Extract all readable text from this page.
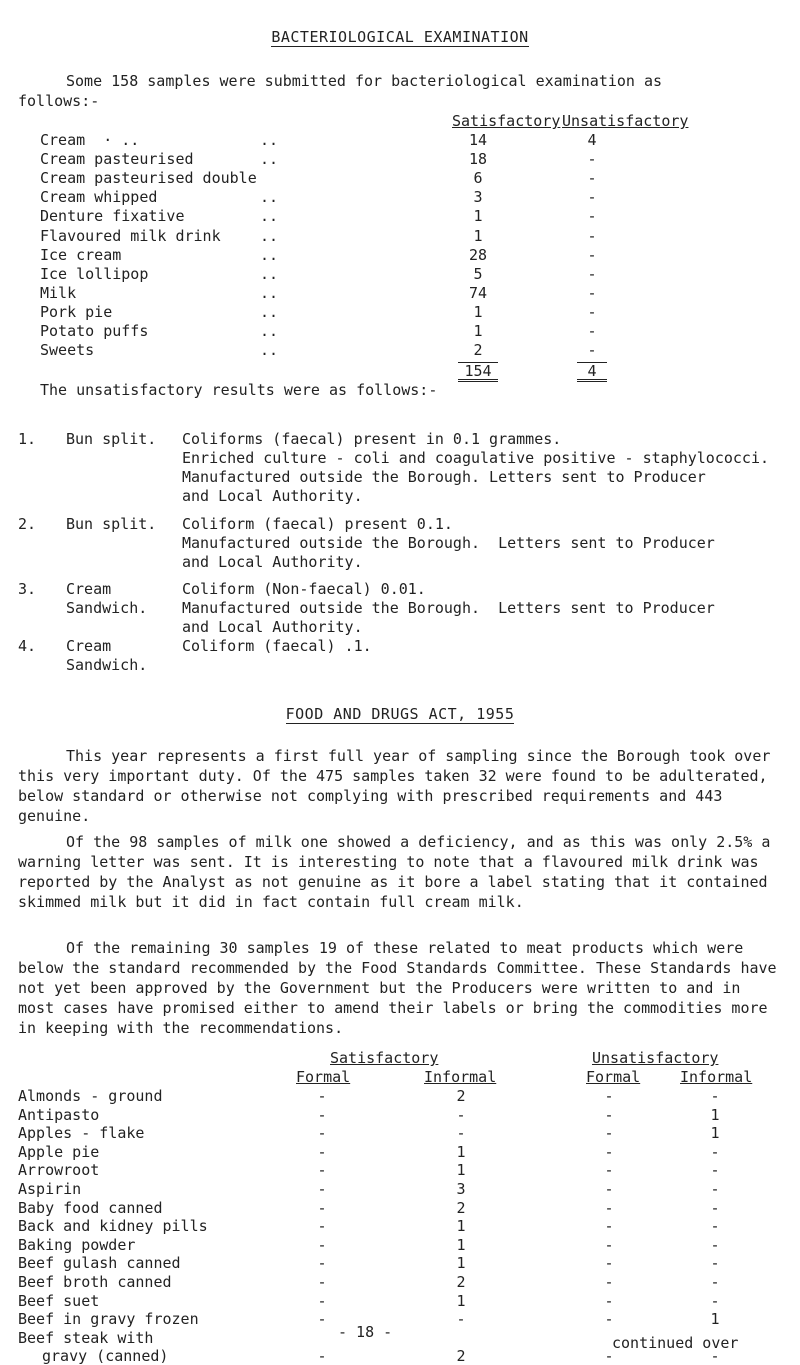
BACTERIOLOGICAL EXAMINATION
Some 158 samples were submitted for bacteriological examination as
follows:-
Satisfactory Unsatisfactory
Cream  · ..	..	14	4
Cream pasteurised	..	18	-
Cream pasteurised double	6	-
Cream whipped	..	3	-
Denture fixative	..	1	-
Flavoured milk drink	..	1	-
Ice cream	..	28	-
Ice lollipop	..	5	-
Milk	..	74	-
Pork pie	..	1	-
Potato puffs	..	1	-
Sweets	..	2	-
154	4
The unsatisfactory results were as follows:-
1. Bun split. Coliforms (faecal) present in 0.1 grammes.
Enriched culture - coli and coagulative positive - staphylococci.
Manufactured outside the Borough. Letters sent to Producer
and Local Authority.
2. Bun split. Coliform (faecal) present 0.1.
Manufactured outside the Borough.  Letters sent to Producer
and Local Authority.
3. Cream
Sandwich.
Coliform (Non-faecal) 0.01.
Manufactured outside the Borough.  Letters sent to Producer
and Local Authority.
4. Cream
Sandwich.
Coliform (faecal) .1.
FOOD AND DRUGS ACT, 1955
This year represents a first full year of sampling since the Borough took over this very important duty. Of the 475 samples taken 32 were found to be adulterated, below standard or otherwise not complying with prescribed requirements and 443 genuine.
Of the 98 samples of milk one showed a deficiency, and as this was only 2.5% a warning letter was sent. It is interesting to note that a flavoured milk drink was reported by the Analyst as not genuine as it bore a label stating that it contained skimmed milk but it did in fact contain full cream milk.
Of the remaining 30 samples 19 of these related to meat products which were below the standard recommended by the Food Standards Committee. These Standards have not yet been approved by the Government but the Producers were written to and in most cases have promised either to amend their labels or bring the commodities more in keeping with the recommendations.
Satisfactory	Unsatisfactory
Formal	Informal	Formal	Informal
Almonds - ground	-	2	-	-
Antipasto	-	-	-	1
Apples - flake	-	-	-	1
Apple pie	-	1	-	-
Arrowroot	-	1	-	-
Aspirin	-	3	-	-
Baby food canned	-	2	-	-
Back and kidney pills	-	1	-	-
Baking powder	-	1	-	-
Beef gulash canned	-	1	-	-
Beef broth canned	-	2	-	-
Beef suet	-	1	-	-
Beef in gravy frozen	-	-	-	1
Beef steak with
gravy (canned)	-	2	-	-
- 18 -
continued over
